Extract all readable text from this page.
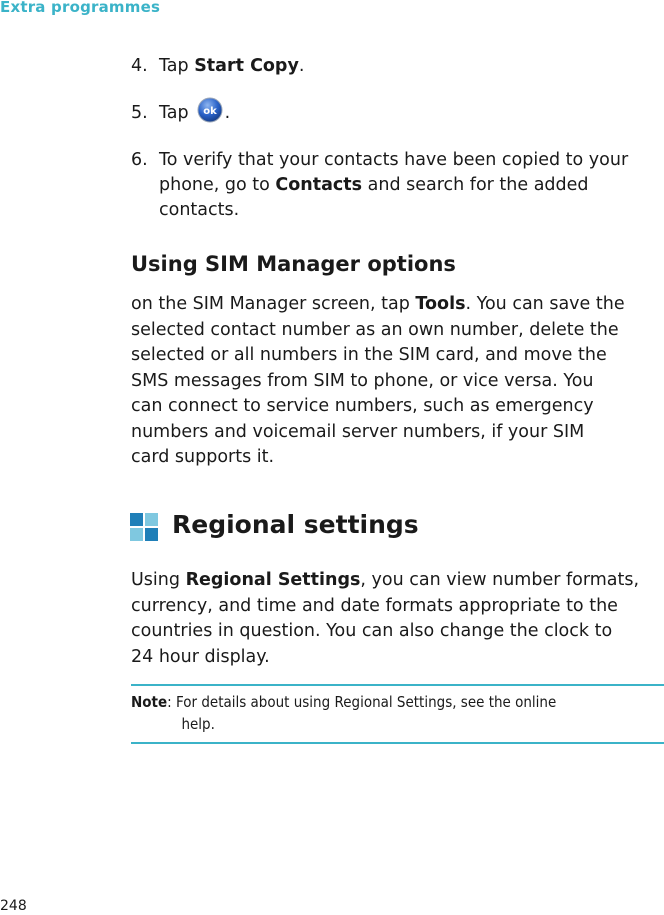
Extra programmes
4. Tap Start Copy.
5. Tap ok .
6. To verify that your contacts have been copied to your
phone, go to Contacts and search for the added
contacts.
Using SIM Manager options
on the SIM Manager screen, tap Tools. You can save the
selected contact number as an own number, delete the
selected or all numbers in the SIM card, and move the
SMS messages from SIM to phone, or vice versa. You
can connect to service numbers, such as emergency
numbers and voicemail server numbers, if your SIM
card supports it.
Regional settings
Using Regional Settings, you can view number formats,
currency, and time and date formats appropriate to the
countries in question. You can also change the clock to
24 hour display.
Note: For details about using Regional Settings, see the online
help.
248
